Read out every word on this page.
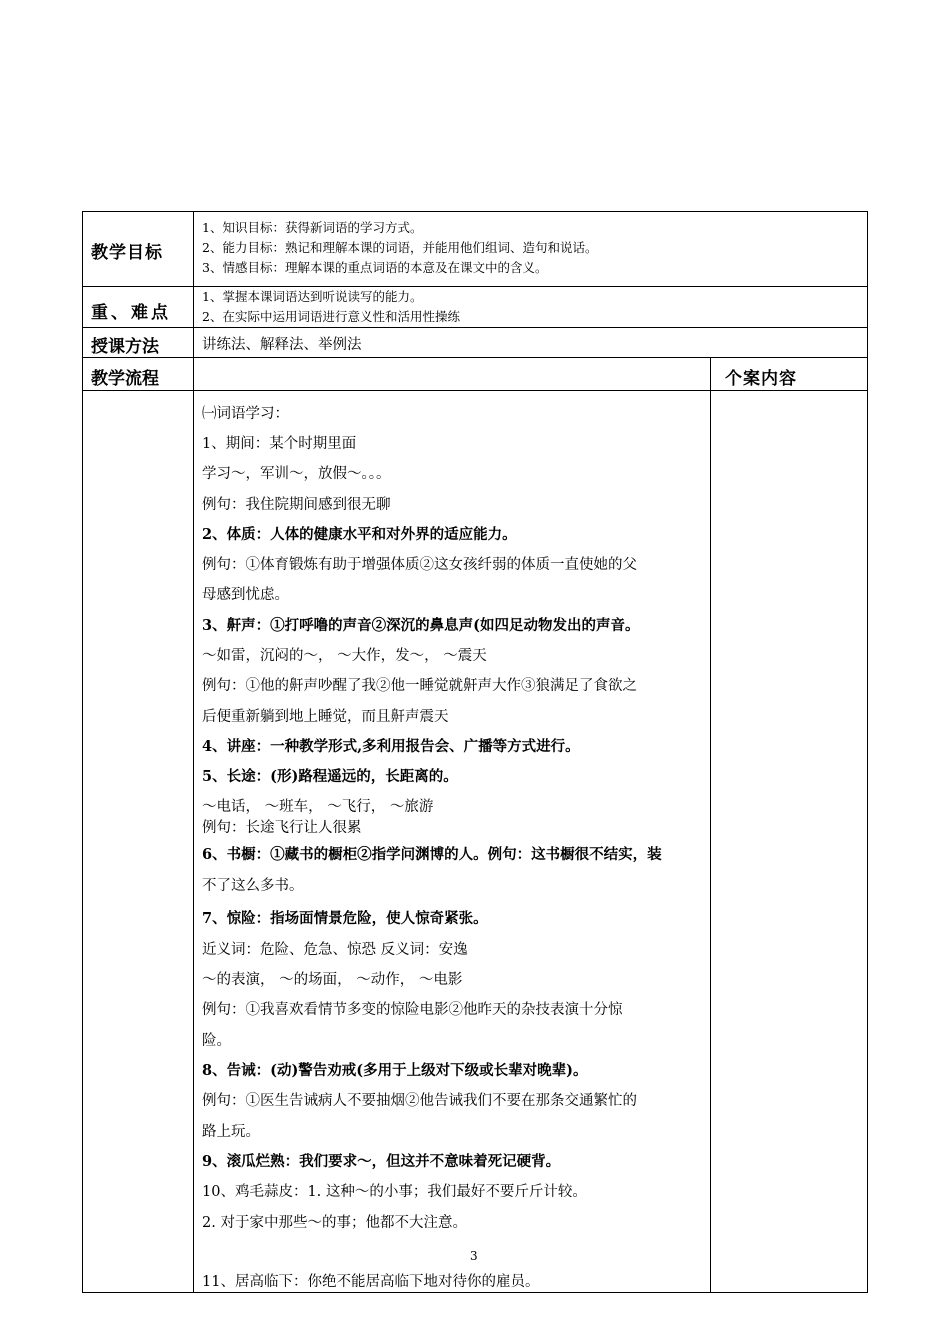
教学目标
1、知识目标：获得新词语的学习方式。
2、能力目标：熟记和理解本课的词语，并能用他们组词、造句和说话。
3、情感目标：理解本课的重点词语的本意及在课文中的含义。
重、难点
1、掌握本课词语达到听说读写的能力。
2、在实际中运用词语进行意义性和活用性操练
授课方法	讲练法、解释法、举例法
教学流程	个案内容

㈠词语学习：

1、期间：某个时期里面

学习～，军训～，放假～。。。

例句：我住院期间感到很无聊

2、体质：人体的健康水平和对外界的适应能力。

例句：①体育锻炼有助于增强体质②这女孩纤弱的体质一直使她的父

母感到忧虑。

3、鼾声：①打呼噜的声音②深沉的鼻息声(如四足动物发出的声音。

～如雷，沉闷的～， ～大作，发～， ～震天

例句：①他的鼾声吵醒了我②他一睡觉就鼾声大作③狼满足了食欲之

后便重新躺到地上睡觉，而且鼾声震天

4、讲座：一种教学形式,多利用报告会、广播等方式进行。

5、长途：(形)路程遥远的，长距离的。

～电话， ～班车， ～飞行， ～旅游

例句：长途飞行让人很累

6、书橱：①藏书的橱柜②指学问渊博的人。例句：这书橱很不结实，装

不了这么多书。

7、惊险：指场面情景危险，使人惊奇紧张。

近义词：危险、危急、惊恐 反义词：安逸

～的表演， ～的场面， ～动作， ～电影

例句：①我喜欢看情节多变的惊险电影②他昨天的杂技表演十分惊

险。

8、告诫：(动)警告劝戒(多用于上级对下级或长辈对晚辈)。

例句：①医生告诫病人不要抽烟②他告诫我们不要在那条交通繁忙的

路上玩。

9、滚瓜烂熟：我们要求～，但这并不意味着死记硬背。

10、鸡毛蒜皮：1. 这种～的小事；我们最好不要斤斤计较。

2. 对于家中那些～的事；他都不大注意。

11、居高临下：你绝不能居高临下地对待你的雇员。

3
